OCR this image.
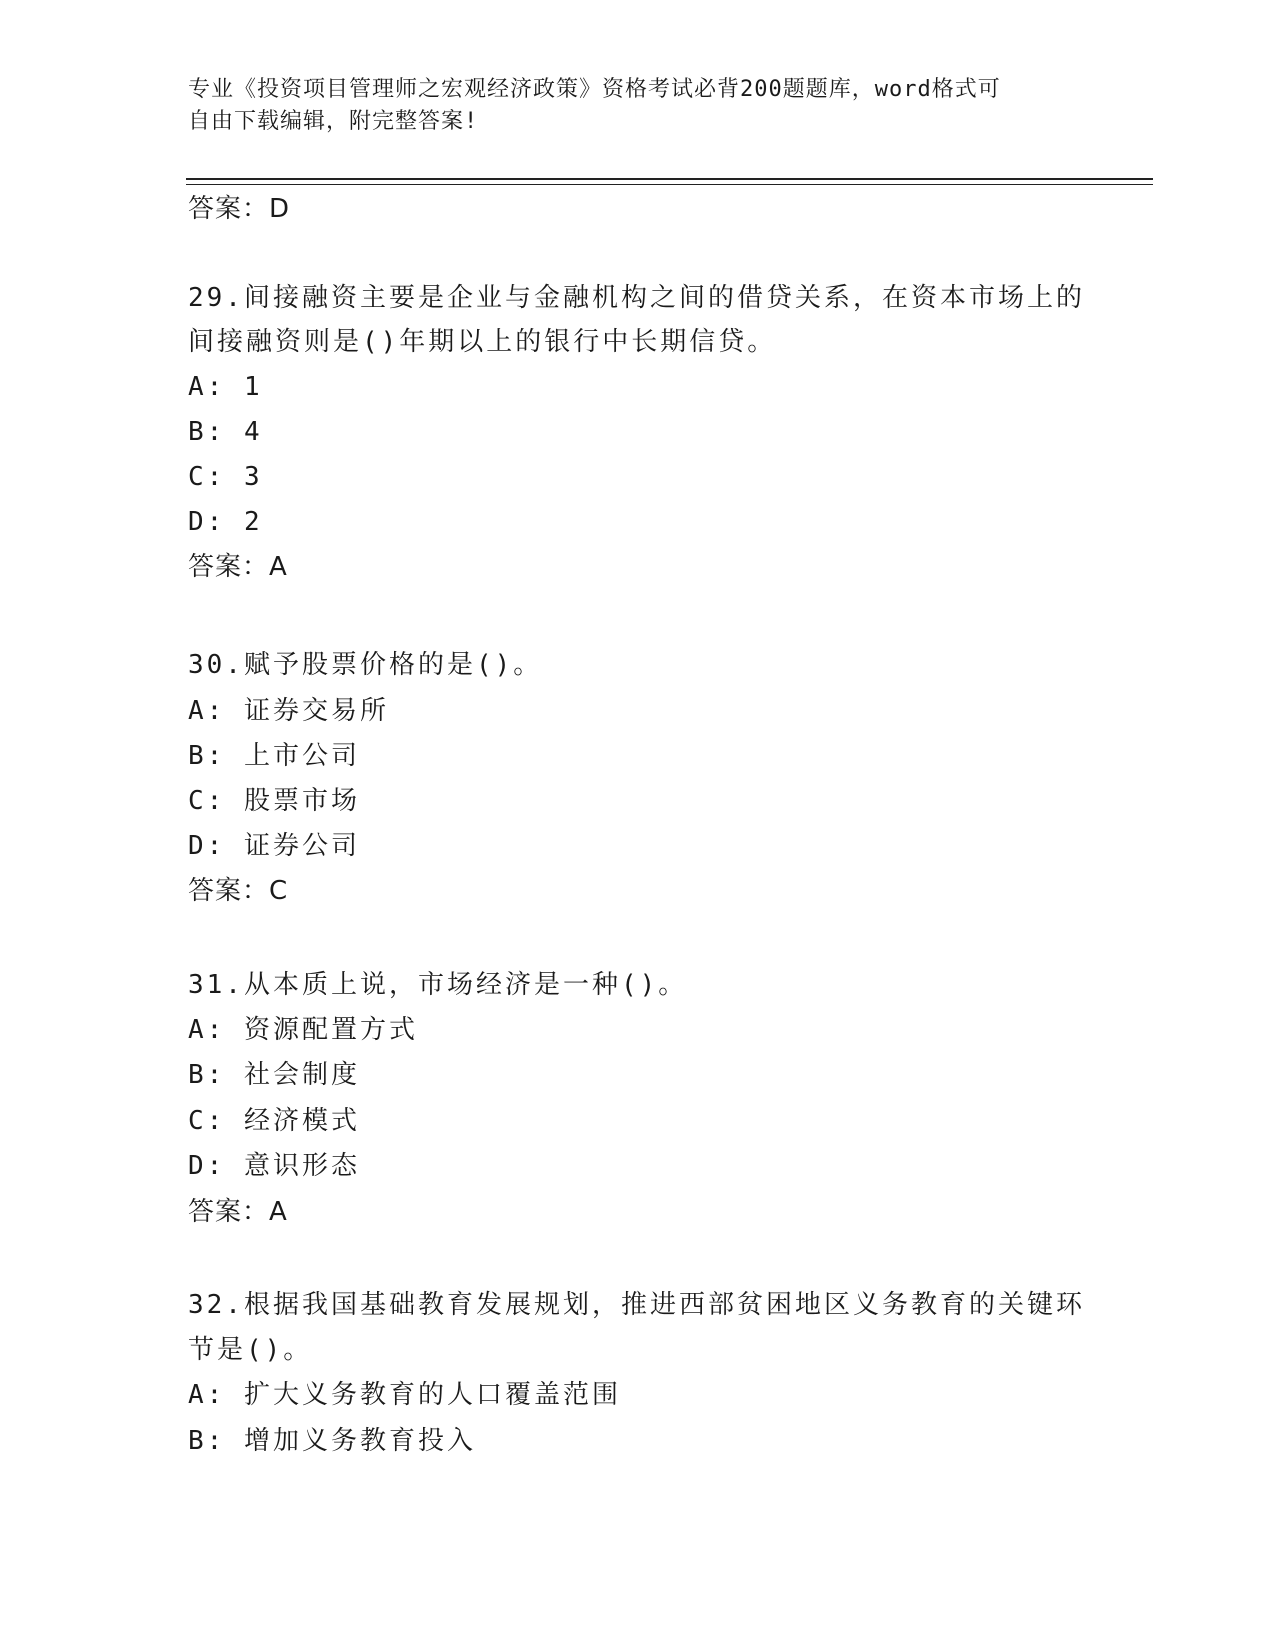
专业《投资项目管理师之宏观经济政策》资格考试必背200题题库，word格式可
自由下载编辑，附完整答案!
答案：D
29.间接融资主要是企业与金融机构之间的借贷关系，在资本市场上的
间接融资则是()年期以上的银行中长期信贷。
A: 1
B: 4
C: 3
D: 2
答案：A
30.赋予股票价格的是()。
A: 证券交易所
B: 上市公司
C: 股票市场
D: 证券公司
答案：C
31.从本质上说，市场经济是一种()。
A: 资源配置方式
B: 社会制度
C: 经济模式
D: 意识形态
答案：A
32.根据我国基础教育发展规划，推进西部贫困地区义务教育的关键环
节是()。
A: 扩大义务教育的人口覆盖范围
B: 增加义务教育投入
